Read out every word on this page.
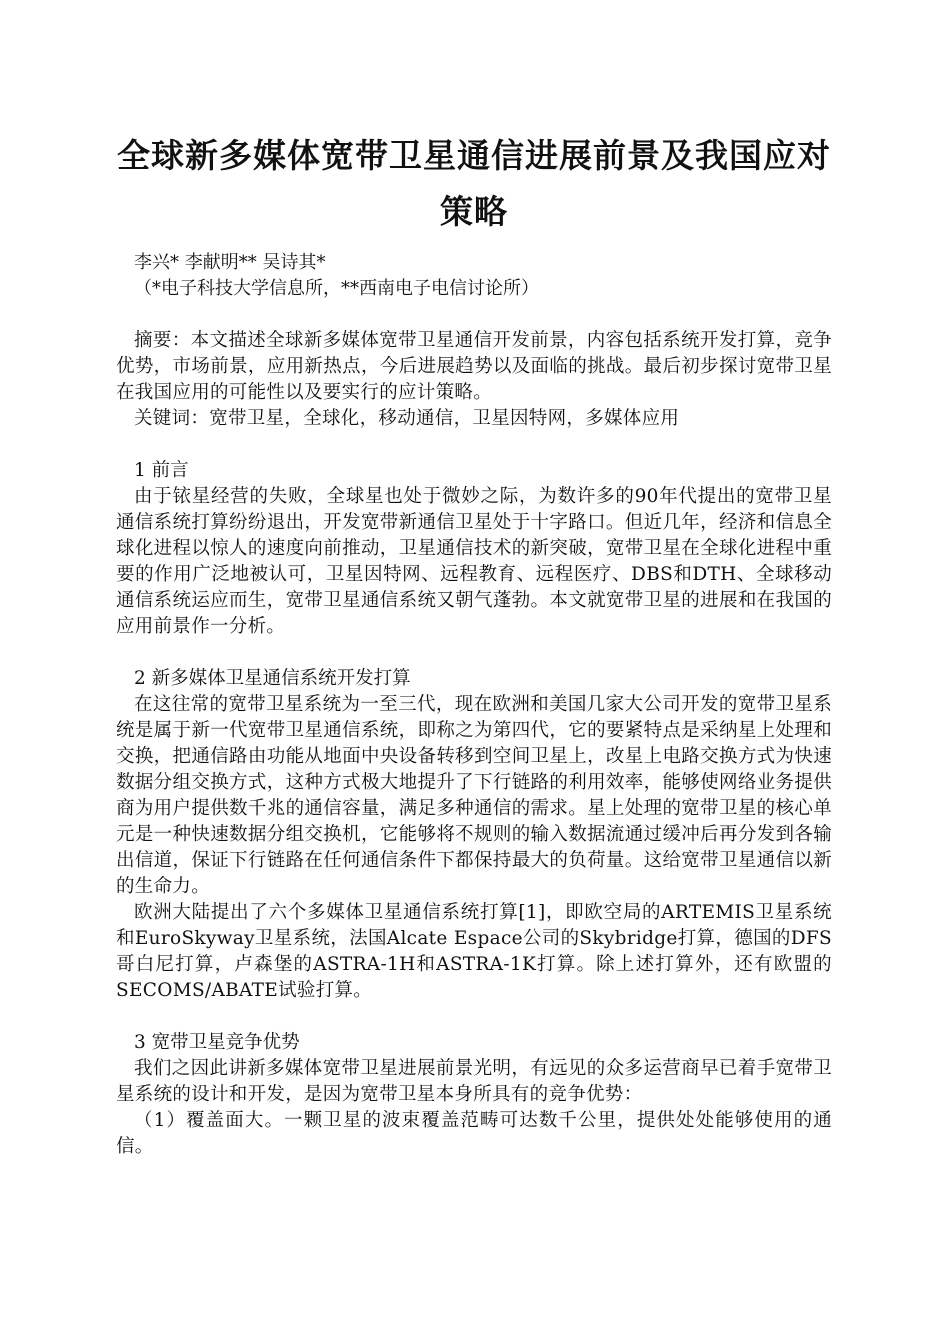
全球新多媒体宽带卫星通信进展前景及我国应对策略
李兴* 李献明** 吴诗其*
（*电子科技大学信息所，**西南电子电信讨论所）

摘要：本文描述全球新多媒体宽带卫星通信开发前景，内容包括系统开发打算，竞争优势，市场前景，应用新热点，今后进展趋势以及面临的挑战。最后初步探讨宽带卫星在我国应用的可能性以及要实行的应计策略。

关键词：宽带卫星，全球化，移动通信，卫星因特网，多媒体应用

1 前言

由于铱星经营的失败，全球星也处于微妙之际，为数许多的90年代提出的宽带卫星通信系统打算纷纷退出，开发宽带新通信卫星处于十字路口。但近几年，经济和信息全球化进程以惊人的速度向前推动，卫星通信技术的新突破，宽带卫星在全球化进程中重要的作用广泛地被认可，卫星因特网、远程教育、远程医疗、DBS和DTH、全球移动通信系统运应而生，宽带卫星通信系统又朝气蓬勃。本文就宽带卫星的进展和在我国的应用前景作一分析。

2 新多媒体卫星通信系统开发打算

在这往常的宽带卫星系统为一至三代，现在欧洲和美国几家大公司开发的宽带卫星系统是属于新一代宽带卫星通信系统，即称之为第四代，它的要紧特点是采纳星上处理和交换，把通信路由功能从地面中央设备转移到空间卫星上，改星上电路交换方式为快速数据分组交换方式，这种方式极大地提升了下行链路的利用效率，能够使网络业务提供商为用户提供数千兆的通信容量，满足多种通信的需求。星上处理的宽带卫星的核心单元是一种快速数据分组交换机，它能够将不规则的输入数据流通过缓冲后再分发到各输出信道，保证下行链路在任何通信条件下都保持最大的负荷量。这给宽带卫星通信以新的生命力。

欧洲大陆提出了六个多媒体卫星通信系统打算[1]，即欧空局的ARTEMIS卫星系统和EuroSkyway卫星系统，法国Alcate Espace公司的Skybridge打算，德国的DFS哥白尼打算，卢森堡的ASTRA-1H和ASTRA-1K打算。除上述打算外，还有欧盟的SECOMS/ABATE试验打算。

3 宽带卫星竞争优势

我们之因此讲新多媒体宽带卫星进展前景光明，有远见的众多运营商早已着手宽带卫星系统的设计和开发，是因为宽带卫星本身所具有的竞争优势：

（1）覆盖面大。一颗卫星的波束覆盖范畴可达数千公里，提供处处能够使用的通信。
